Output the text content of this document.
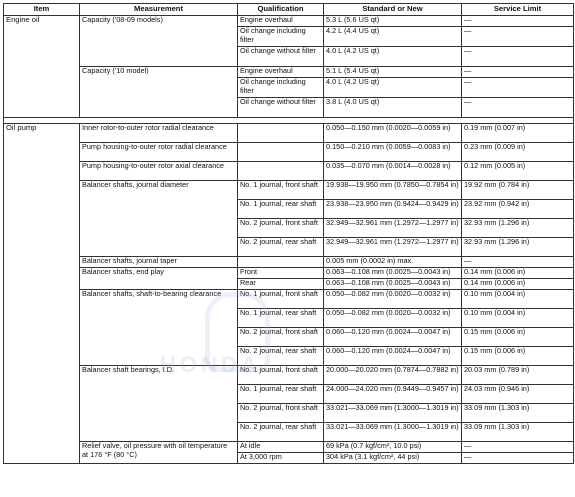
Item	Measurement	Qualification	Standard or New	Service Limit
Engine oil	Capacity ('08-09 models)	Engine overhaul	5.3 L (5.6 US qt)	—
		Oil change including filter	4.2 L (4.4 US qt)	—
		Oil change without filter	4.0 L (4.2 US qt)	—
	Capacity ('10 model)	Engine overhaul	5.1 L (5.4 US qt)	—
		Oil change including filter	4.0 L (4.2 US qt)	—
		Oil change without filter	3.8 L (4.0 US qt)	—

Oil pump	Inner rotor-to-outer rotor radial clearance		0.050—0.150 mm (0.0020—0.0059 in)	0.19 mm (0.007 in)
	Pump housing-to-outer rotor radial clearance		0.150—0.210 mm (0.0059—0.0083 in)	0.23 mm (0.009 in)
	Pump housing-to-outer rotor axial clearance		0.035—0.070 mm (0.0014—0.0028 in)	0.12 mm (0.005 in)
	Balancer shafts, journal diameter	No. 1 journal, front shaft	19.938—19.950 mm (0.7850—0.7854 in)	19.92 mm (0.784 in)
		No. 1 journal, rear shaft	23.938—23.950 mm (0.9424—0.9429 in)	23.92 mm (0.942 in)
		No. 2 journal, front shaft	32.949—32.961 mm (1.2972—1.2977 in)	32.93 mm (1.296 in)
		No. 2 journal, rear shaft	32.949—32.961 mm (1.2972—1.2977 in)	32.93 mm (1.296 in)
	Balancer shafts, journal taper		0.005 mm (0.0002 in) max.	—
	Balancer shafts, end play	Front	0.063—0.108 mm (0.0025—0.0043 in)	0.14 mm (0.006 in)
		Rear	0.063—0.108 mm (0.0025—0.0043 in)	0.14 mm (0.006 in)
	Balancer shafts, shaft-to-bearing clearance	No. 1 journal, front shaft	0.050—0.082 mm (0.0020—0.0032 in)	0.10 mm (0.004 in)
		No. 1 journal, rear shaft	0.050—0.082 mm (0.0020—0.0032 in)	0.10 mm (0.004 in)
		No. 2 journal, front shaft	0.060—0.120 mm (0.0024—0.0047 in)	0.15 mm (0.006 in)
		No. 2 journal, rear shaft	0.060—0.120 mm (0.0024—0.0047 in)	0.15 mm (0.006 in)
	Balancer shaft bearings, I.D.	No. 1 journal, front shaft	20.000—20.020 mm (0.7874—0.7882 in)	20.03 mm (0.789 in)
		No. 1 journal, rear shaft	24.000—24.020 mm (0.9449—0.9457 in)	24.03 mm (0.946 in)
		No. 2 journal, front shaft	33.021—33.069 mm (1.3000—1.3019 in)	33.09 mm (1.303 in)
		No. 2 journal, rear shaft	33.021—33.069 mm (1.3000—1.3019 in)	33.09 mm (1.303 in)
	Relief valve, oil pressure with oil temperature at 176 °F (80 °C)	At idle	69 kPa (0.7 kgf/cm², 10.0 psi)	—
		At 3,000 rpm	304 kPa (3.1 kgf/cm², 44 psi)	—
HONDA
